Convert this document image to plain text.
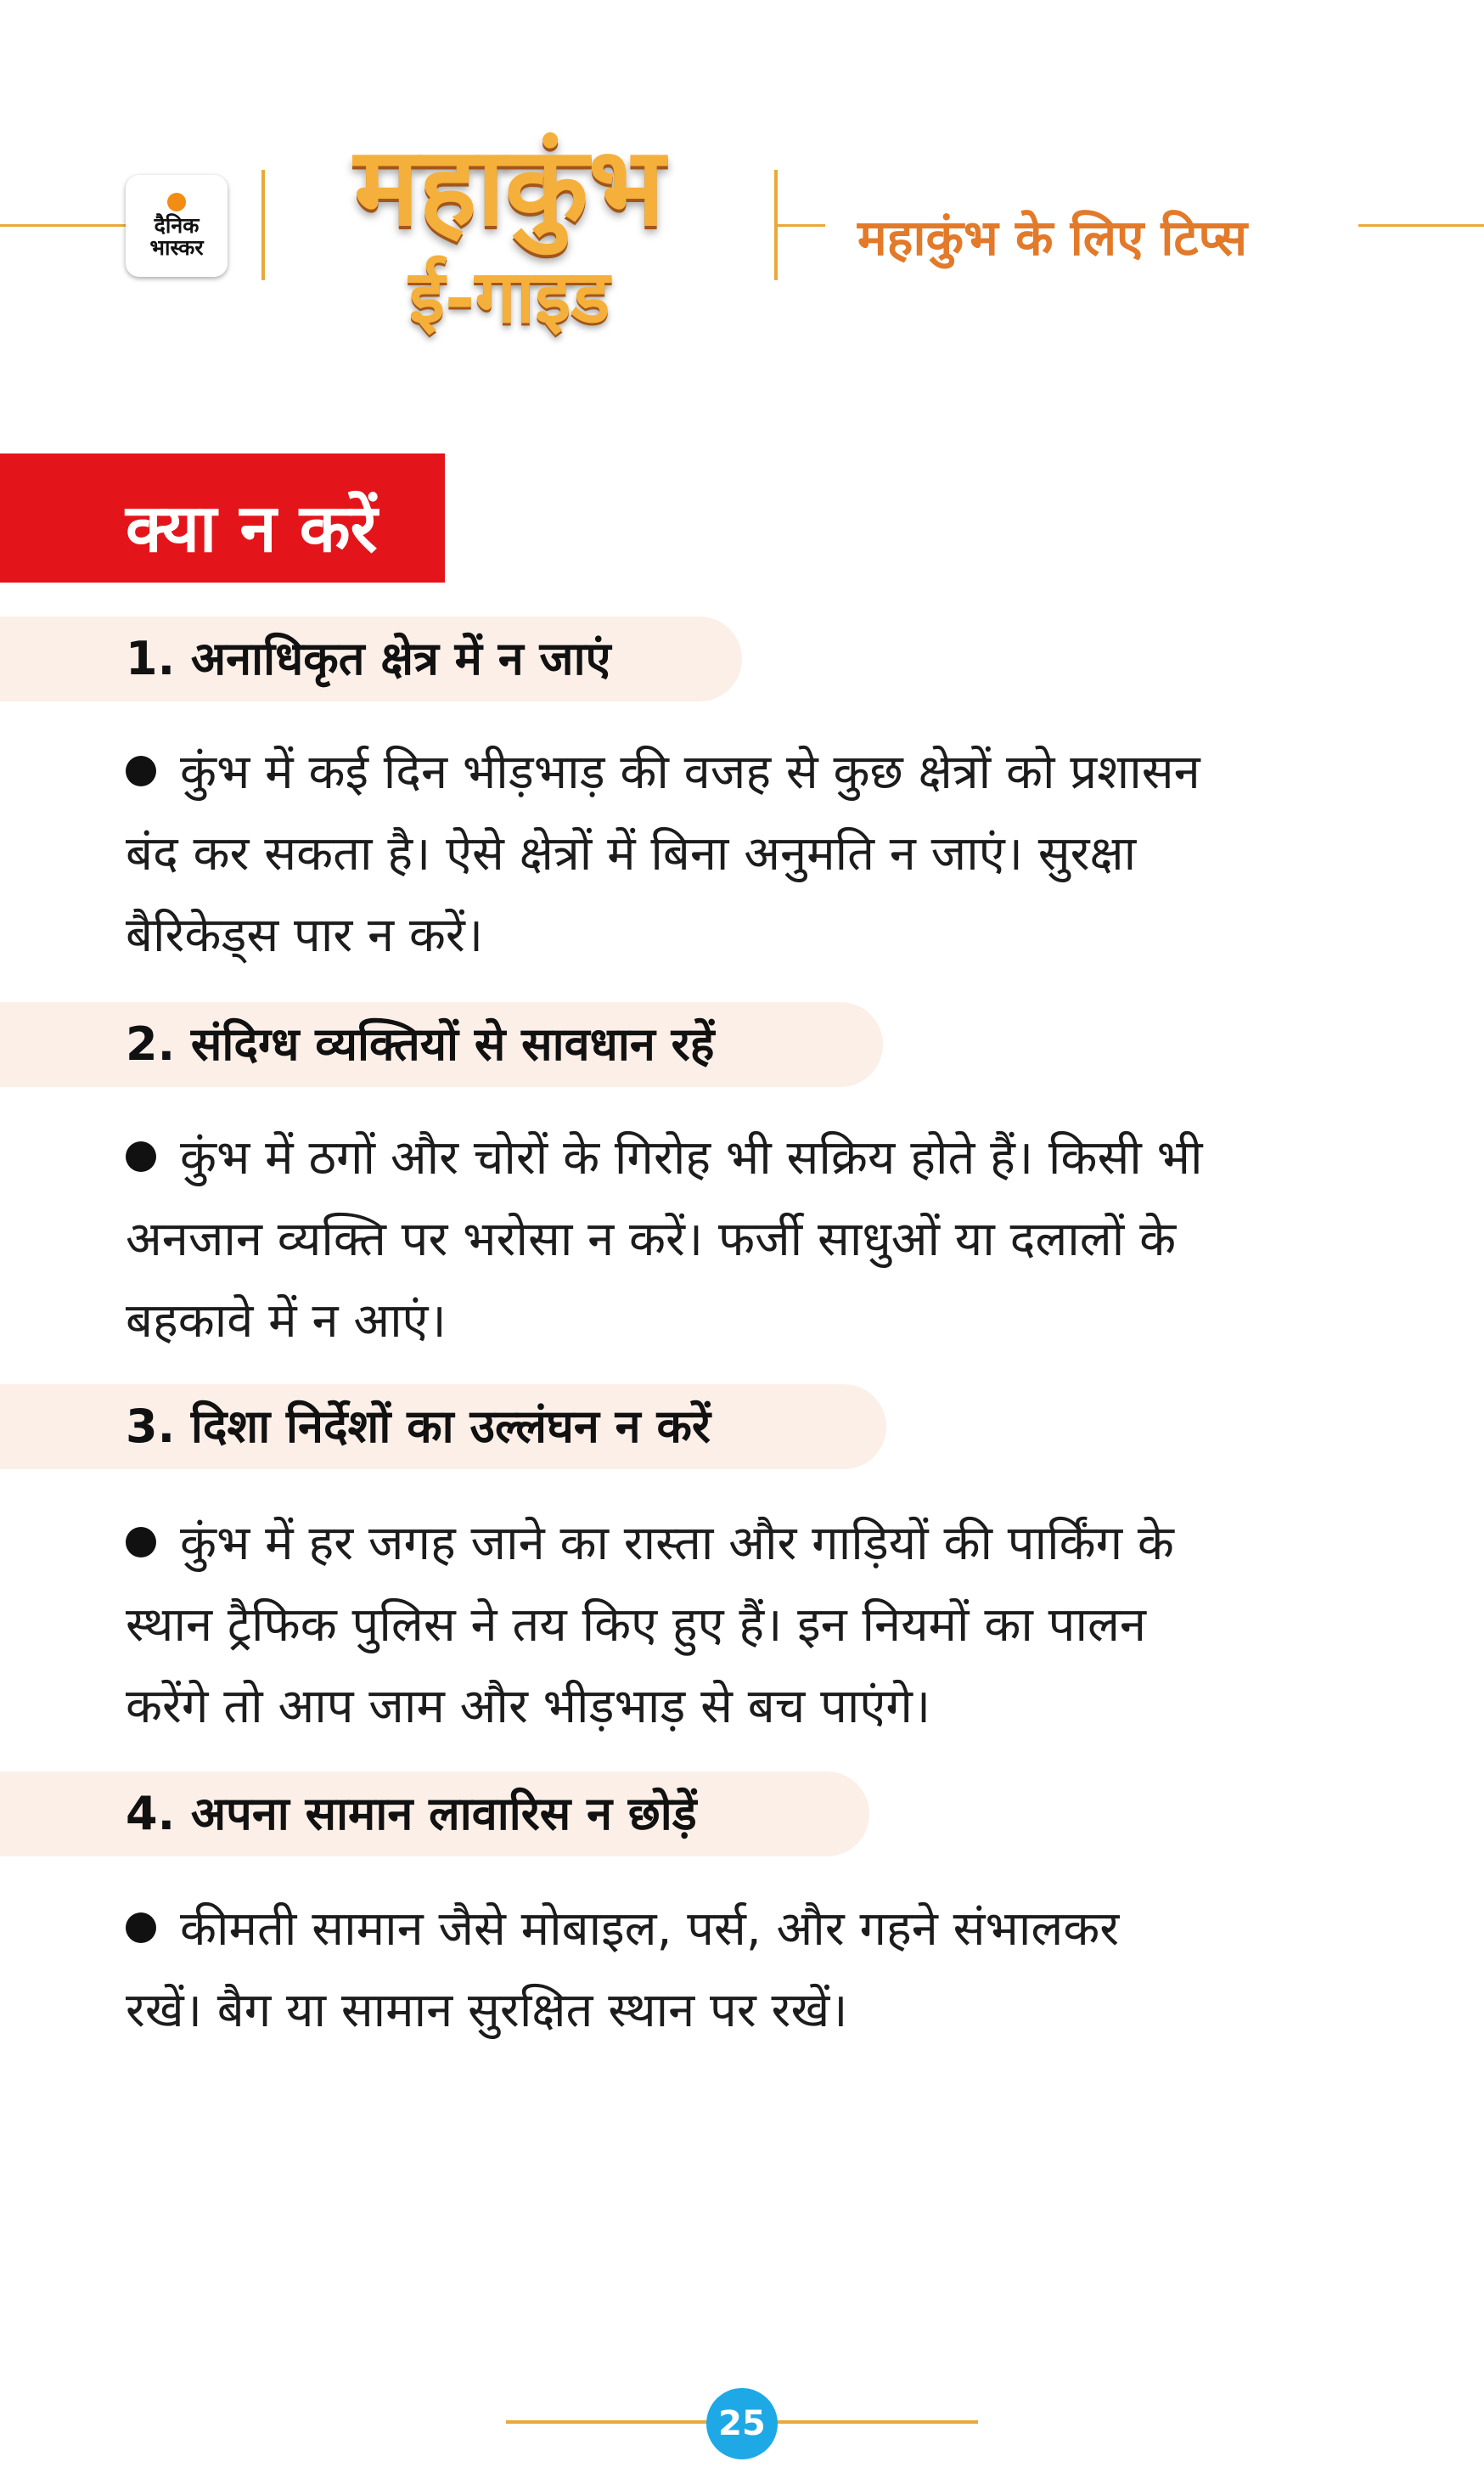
दैनिक
भास्कर	महाकुंभ
ई-गाइड
महाकुंभ के लिए टिप्स
क्या न करें
1. अनाधिकृत क्षेत्र में न जाएं
कुंभ में कई दिन भीड़भाड़ की वजह से कुछ क्षेत्रों को प्रशासन
बंद कर सकता है। ऐसे क्षेत्रों में बिना अनुमति न जाएं। सुरक्षा
बैरिकेड्स पार न करें।
2. संदिग्ध व्यक्तियों से सावधान रहें
कुंभ में ठगों और चोरों के गिरोह भी सक्रिय होते हैं। किसी भी
अनजान व्यक्ति पर भरोसा न करें। फर्जी साधुओं या दलालों के
बहकावे में न आएं।
3. दिशा निर्देशों का उल्लंघन न करें
कुंभ में हर जगह जाने का रास्ता और गाड़ियों की पार्किंग के
स्थान ट्रैफिक पुलिस ने तय किए हुए हैं। इन नियमों का पालन
करेंगे तो आप जाम और भीड़भाड़ से बच पाएंगे।
4. अपना सामान लावारिस न छोड़ें
कीमती सामान जैसे मोबाइल, पर्स, और गहने संभालकर
रखें। बैग या सामान सुरक्षित स्थान पर रखें।
25
